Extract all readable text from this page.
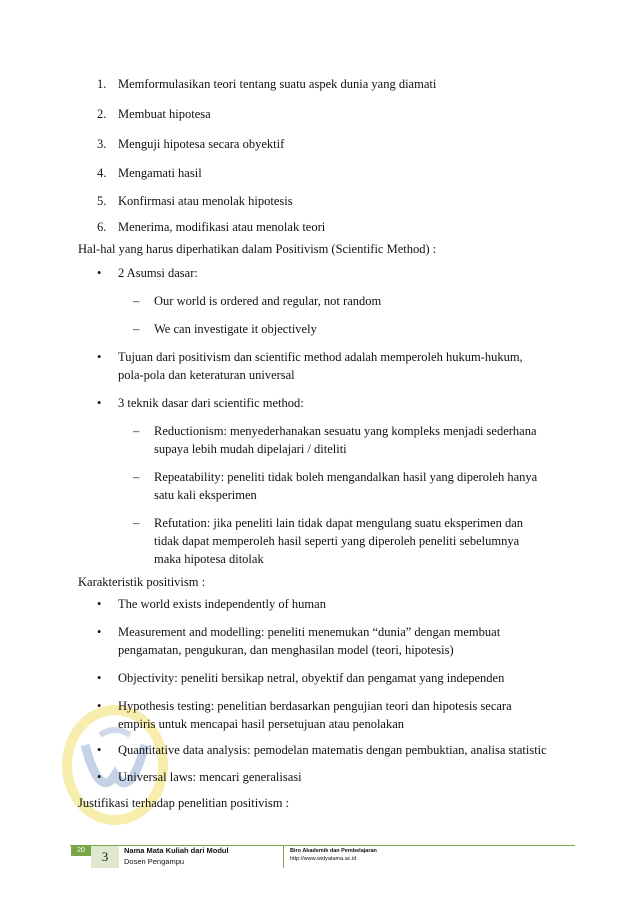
1. Memformulasikan teori tentang suatu aspek dunia yang diamati
2. Membuat hipotesa
3. Menguji hipotesa secara obyektif
4. Mengamati hasil
5. Konfirmasi atau menolak hipotesis
6. Menerima, modifikasi atau menolak teori
Hal-hal yang harus diperhatikan dalam Positivism (Scientific Method) :
• 2 Asumsi dasar:
– Our world is ordered and regular, not random
– We can investigate it objectively
• Tujuan dari positivism dan scientific method adalah memperoleh hukum-hukum,
pola-pola dan keteraturan universal
• 3 teknik dasar dari scientific method:
– Reductionism: menyederhanakan sesuatu yang kompleks menjadi sederhana
supaya lebih mudah dipelajari / diteliti
– Repeatability: peneliti tidak boleh mengandalkan hasil yang diperoleh hanya
satu kali eksperimen
– Refutation: jika peneliti lain tidak dapat mengulang suatu eksperimen dan
tidak dapat memperoleh hasil seperti yang diperoleh peneliti sebelumnya
maka hipotesa ditolak
Karakteristik positivism :
• The world exists independently of human
• Measurement and modelling: peneliti menemukan “dunia” dengan membuat
pengamatan, pengukuran, dan menghasilan model (teori, hipotesis)
• Objectivity: peneliti bersikap netral, obyektif dan pengamat yang independen
• Hypothesis testing: penelitian berdasarkan pengujian teori dan hipotesis secara
empiris untuk mencapai hasil persetujuan atau penolakan
• Quantitative data analysis: pemodelan matematis dengan pembuktian, analisa statistic
• Universal laws: mencari generalisasi
Justifikasi terhadap penelitian positivism :
20	3	Nama Mata Kuliah dari Modul
Dosen Pengampu
Biro Akademik dan Pembelajaran
http://www.widyatama.ac.id
